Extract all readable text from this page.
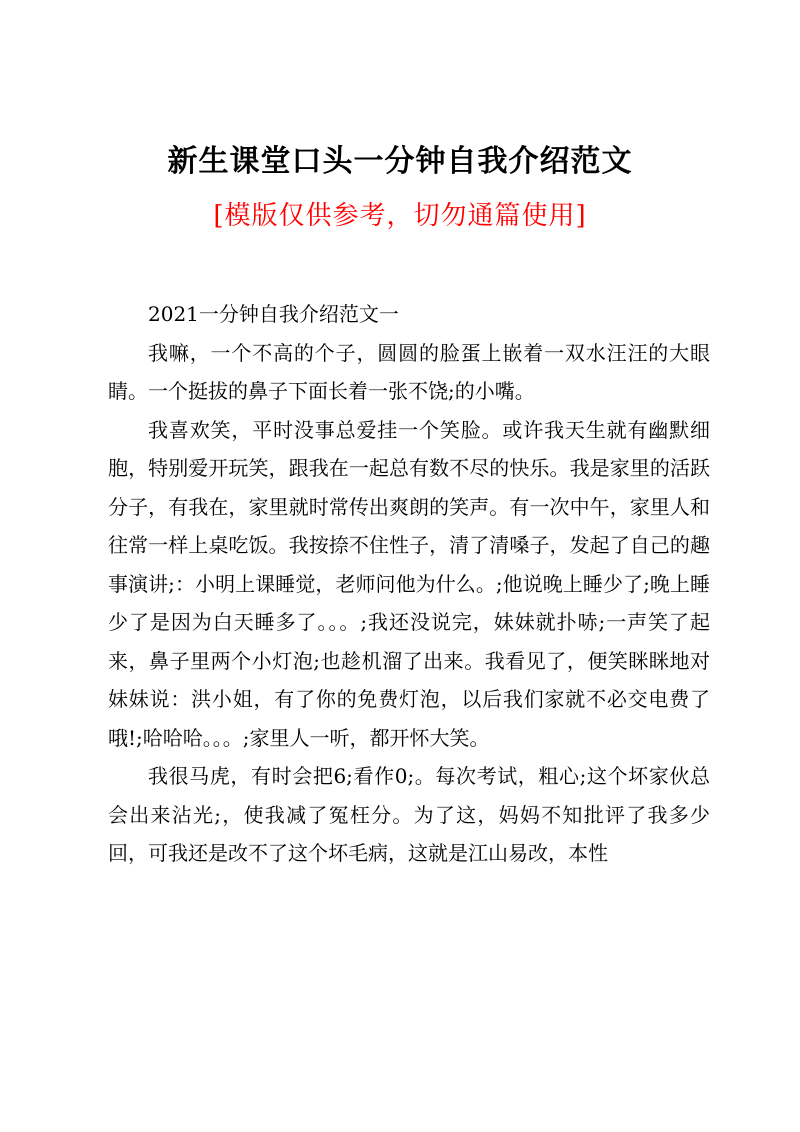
新生课堂口头一分钟自我介绍范文
[模版仅供参考，切勿通篇使用]

2021一分钟自我介绍范文一

我嘛，一个不高的个子，圆圆的脸蛋上嵌着一双水汪汪的大眼睛。一个挺拔的鼻子下面长着一张不饶;的小嘴。

我喜欢笑，平时没事总爱挂一个笑脸。或许我天生就有幽默细胞，特别爱开玩笑，跟我在一起总有数不尽的快乐。我是家里的活跃分子，有我在，家里就时常传出爽朗的笑声。有一次中午，家里人和往常一样上桌吃饭。我按捺不住性子，清了清嗓子，发起了自己的趣事演讲;：小明上课睡觉，老师问他为什么。;他说晚上睡少了;晚上睡少了是因为白天睡多了。。。;我还没说完，妹妹就扑哧;一声笑了起来，鼻子里两个小灯泡;也趁机溜了出来。我看见了，便笑眯眯地对妹妹说：洪小姐，有了你的免费灯泡，以后我们家就不必交电费了哦!;哈哈哈。。。;家里人一听，都开怀大笑。

我很马虎，有时会把6;看作0;。每次考试，粗心;这个坏家伙总会出来沾光;，使我减了冤枉分。为了这，妈妈不知批评了我多少回，可我还是改不了这个坏毛病，这就是江山易改，本性
